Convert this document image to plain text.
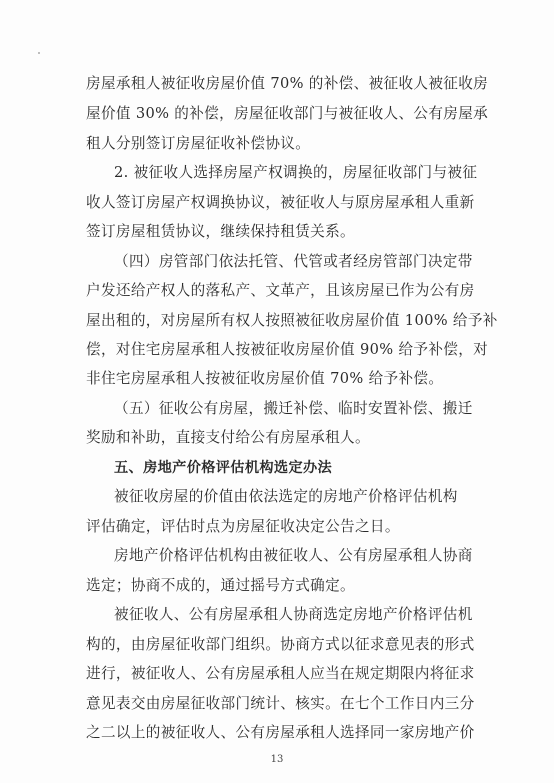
房屋承租人被征收房屋价值 70% 的补偿、被征收人被征收房
屋价值 30% 的补偿，房屋征收部门与被征收人、公有房屋承
租人分别签订房屋征收补偿协议。
2. 被征收人选择房屋产权调换的，房屋征收部门与被征
收人签订房屋产权调换协议，被征收人与原房屋承租人重新
签订房屋租赁协议，继续保持租赁关系。
（四）房管部门依法托管、代管或者经房管部门决定带
户发还给产权人的落私产、文革产，且该房屋已作为公有房
屋出租的，对房屋所有权人按照被征收房屋价值 100% 给予补
偿，对住宅房屋承租人按被征收房屋价值 90% 给予补偿，对
非住宅房屋承租人按被征收房屋价值 70% 给予补偿。
（五）征收公有房屋，搬迁补偿、临时安置补偿、搬迁
奖励和补助，直接支付给公有房屋承租人。
五、房地产价格评估机构选定办法
被征收房屋的价值由依法选定的房地产价格评估机构
评估确定，评估时点为房屋征收决定公告之日。
房地产价格评估机构由被征收人、公有房屋承租人协商
选定；协商不成的，通过摇号方式确定。
被征收人、公有房屋承租人协商选定房地产价格评估机
构的，由房屋征收部门组织。协商方式以征求意见表的形式
进行，被征收人、公有房屋承租人应当在规定期限内将征求
意见表交由房屋征收部门统计、核实。在七个工作日内三分
之二以上的被征收人、公有房屋承租人选择同一家房地产价
13
